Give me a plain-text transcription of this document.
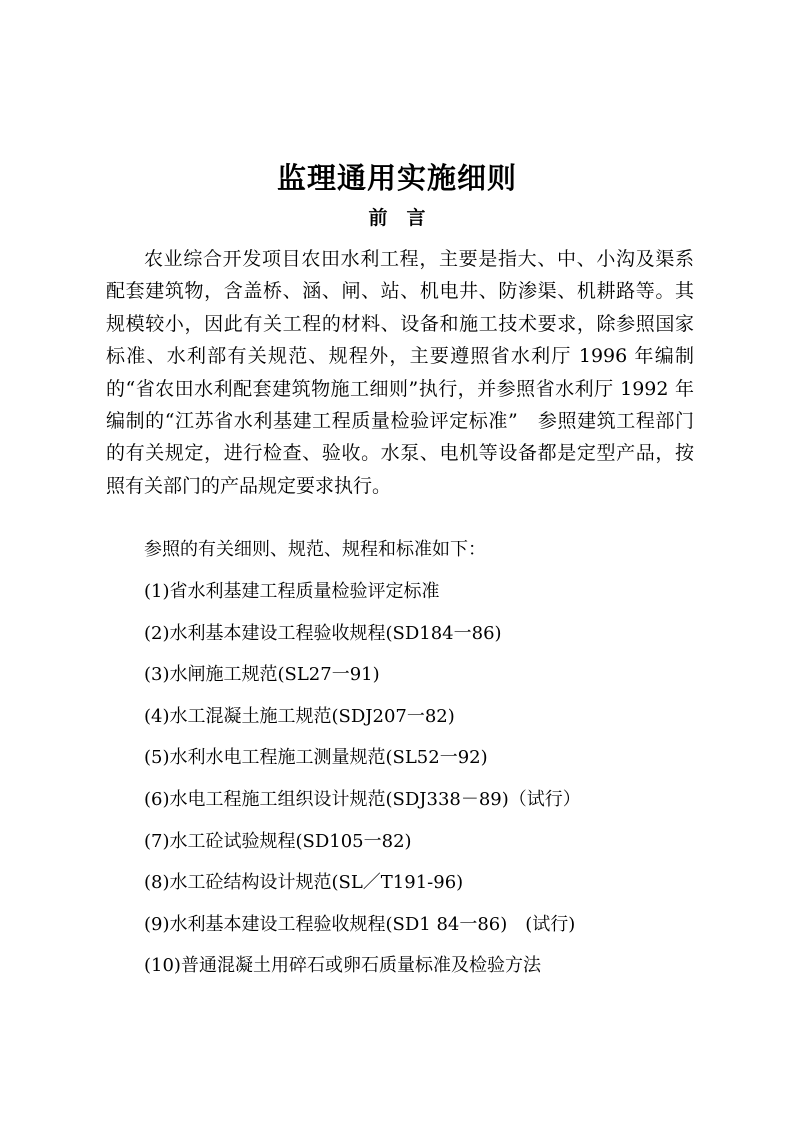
监理通用实施细则
前　言

农业综合开发项目农田水利工程，主要是指大、中、小沟及渠系配套建筑物，含盖桥、涵、闸、站、机电井、防渗渠、机耕路等。其规模较小，因此有关工程的材料、设备和施工技术要求，除参照国家标准、水利部有关规范、规程外，主要遵照省水利厅 1996 年编制的“省农田水利配套建筑物施工细则”执行，并参照省水利厅 1992 年编制的“江苏省水利基建工程质量检验评定标准”　参照建筑工程部门的有关规定，进行检查、验收。水泵、电机等设备都是定型产品，按照有关部门的产品规定要求执行。

参照的有关细则、规范、规程和标准如下：
(1)省水利基建工程质量检验评定标准
(2)水利基本建设工程验收规程(SD184一86)
(3)水闸施工规范(SL27一91)
(4)水工混凝土施工规范(SDJ207一82)
(5)水利水电工程施工测量规范(SL52一92)
(6)水电工程施工组织设计规范(SDJ338－89)（试行）
(7)水工砼试验规程(SD105一82)
(8)水工砼结构设计规范(SL／T191-96)
(9)水利基本建设工程验收规程(SD1 84一86)　(试行)
(10)普通混凝土用碎石或卵石质量标准及检验方法
